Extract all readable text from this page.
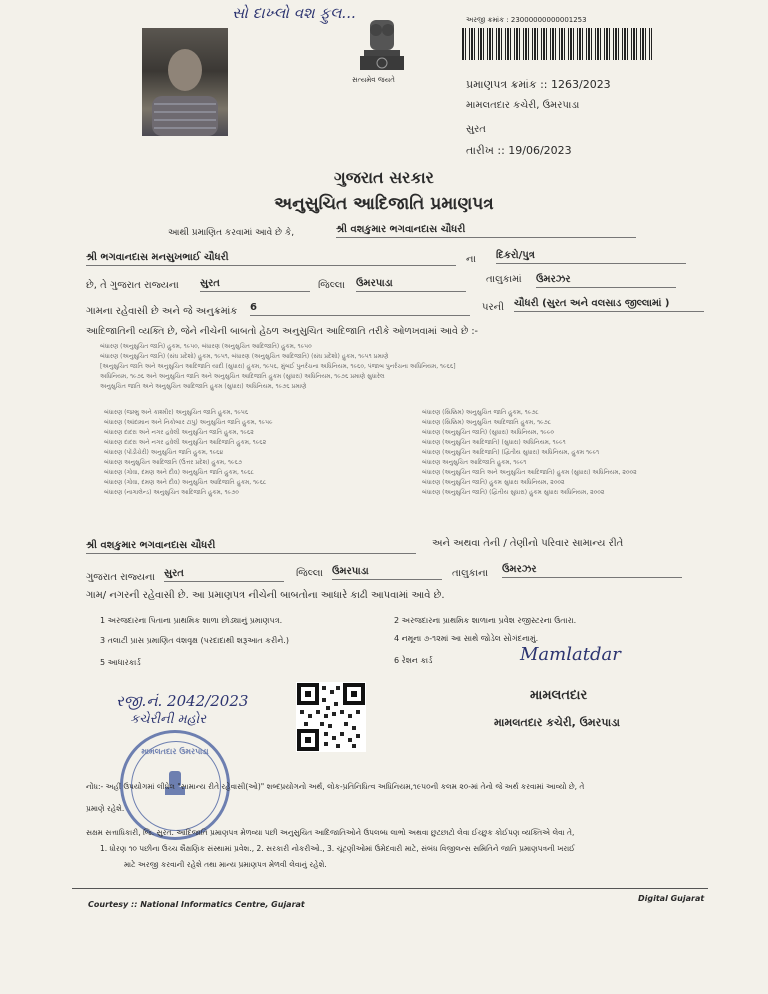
સો દાખ્લો વશ ફુલ...
સત્યમેવ જયતે
અરજી ક્રમાંક : 23000000000001253
પ્રમાણપત્ર ક્રમાંક :: 1263/2023
મામલતદાર કચેરી, ઉમરપાડા
સુરત
તારીખ :: 19/06/2023
ગુજરાત સરકાર
અનુસુચિત આદિજાતિ પ્રમાણપત્ર
આથી પ્રમાણિત કરવામાં આવે છે કે,	શ્રી વશકુમાર ભગવાનદાસ ચૌધરી
શ્રી ભગવાનદાસ મનસુખભાઈ ચૌધરી	ના દિકરો/પુત્ર
છે, તે ગુજરાત રાજ્યના સુરત	જિલ્લા ઉમરપાડા	તાલુકામાં ઉમરઝર
ગામના રહેવાસી છે અને જે અનુક્રમાંક 6	પરની ચૌધરી (સુરત અને વલસાડ જીલ્લામાં )
આદિજાતિની વ્યક્તિ છે, જેને નીચેની બાબતો હેઠળ અનુસુચિત આદિજાતિ તરીકે ઓળખવામાં આવે છે :-
બંધારણ (અનુસુચિત જાતિ) હુકમ, ૧૯૫૦, બંધારણ (અનુસુચિત આદિજાતિ) હુકમ, ૧૯૫૦
બંધારણ (અનુસુચિત જાતિ) (સંઘ પ્રદેશો) હુકમ, ૧૯૫૧, બંધારણ (અનુસુચિત આદિજાતિ) (સંઘ પ્રદેશો) હુકમ, ૧૯૫૧ પ્રમાણે
[અનુસુચિત જાતિ અને અનુસુચિત આદિજાતિ યાદી (સુધારા) હુકમ, ૧૯૫૬, મુંબઈ પુનર્રચના અધિનિયમ, ૧૯૬૦, પંજાબ પુનર્રચના અધિનિયમ, ૧૯૬૬]
અધિનિયમ, ૧૯૭૬ અને અનુસુચિત જાતિ અને અનુસુચિત આદિજાતિ હુકમ (સુધારા) અધિનિયમ, ૧૯૭૬ પ્રમાણે સુધારેલ
અનુસુચિત જાતિ અને અનુસુચિત આદિજાતિ હુકમ (સુધારા) અધિનિયમ, ૧૯૭૬ પ્રમાણે
બંધારણ (જમ્મુ અને કાશ્મીર) અનુસુચિત જાતિ હુકમ, ૧૯૫૬
બંધારણ (આંદામાન અને નિકોબાર ટાપુ) અનુસુચિત જાતિ હુકમ, ૧૯૫૯
બંધારણ દાદરા અને નગર હવેલી અનુસુચિત જાતિ હુકમ, ૧૯૬૨
બંધારણ દાદરા અને નગર હવેલી અનુસુચિત આદિજાતિ હુકમ, ૧૯૬૨
બંધારણ (પોંડીચેરી) અનુસુચિત જાતિ હુકમ, ૧૯૬૪
બંધારણ અનુસુચિત આદિજાતિ (ઉત્તર પ્રદેશ) હુકમ, ૧૯૬૭
બંધારણ (ગોવા, દમણ અને દીવ) અનુસુચિત જાતિ હુકમ, ૧૯૬૮
બંધારણ (ગોવા, દમણ અને દીવ) અનુસુચિત આદિજાતિ હુકમ, ૧૯૬૮
બંધારણ (નાગાલેન્ડ) અનુસુચિત આદિજાતિ હુકમ, ૧૯૭૦
બંધારણ (સિક્કિમ) અનુસુચિત જાતિ હુકમ, ૧૯૭૮
બંધારણ (સિક્કિમ) અનુસુચિત આદિજાતિ હુકમ, ૧૯૭૮
બંધારણ (અનુસુચિત જાતિ) (સુધારા) અધિનિયમ, ૧૯૯૦
બંધારણ (અનુસુચિત આદિજાતિ) (સુધારા) અધિનિયમ, ૧૯૯૧
બંધારણ (અનુસુચિત આદિજાતિ) (દ્વિતીય સુધારા) અધિનિયમ, હુકમ ૧૯૯૧
બંધારણ અનુસુચિત આદિજાતિ હુકમ, ૧૯૯૧
બંધારણ (અનુસુચિત જાતિ અને અનુસુચિત આદિજાતિ) હુકમ (સુધારા) અધિનિયમ, ૨૦૦૨
બંધારણ (અનુસુચિત જાતિ) હુકમ સુધારા અધિનિયમ, ૨૦૦૨
બંધારણ (અનુસુચિત જાતિ) (દ્વિતીય સુધારા) હુકમ સુધારા અધિનિયમ, ૨૦૦૨
શ્રી વશકુમાર ભગવાનદાસ ચૌધરી	અને અથવા તેની / તેણીનો પરિવાર સામાન્ય રીતે
ગુજરાત રાજ્યના સુરત	જિલ્લા ઉમરપાડા	તાલુકાના ઉમરઝર
ગામ/ નગરની રહેવાસી છે. આ પ્રમાણપત્ર નીચેની બાબતોના આધારે કાઢી આપવામાં આવે છે.
1 અરજદારના પિતાના પ્રાથમિક શાળા છોડ્યાનું પ્રમાણપત્ર.	2 અરજદારના પ્રાથમિક શાળાના પ્રવેશ રજીસ્ટરના ઉતારા.
3 તલાટી પ્રાસ પ્રમાણિત વંશવૃક્ષ (પરદાદાથી શરૂઆત કરીને.)	4 નમૂના ૭-૧૨માં આ સાથે જોડેલ સોગંદનામું.
5 આધારકાર્ડ	6 રેશન કાર્ડ
રજી.નં. 2042/2023
કચેરીની મહોર
Mamlatdar
મામલતદાર
મામલતદાર કચેરી, ઉમરપાડા
મામલતદાર ઉમરપાડા
નોંધ:- અહીં ઉપયોગમાં લીધેલ "સામાન્ય રીતે રહેવાસી(ઓ)" શબ્દપ્રયોગનો અર્થ, લોક-પ્રતિનિધિત્વ અધિનિયમ,૧૯૫૦ની કલમ ૨૦-માં તેનો જે અર્થ કરવામાં આવ્યો છે, તે
પ્રમાણે રહેશે.
સક્ષમ સત્તાધિકારી, જિ. સુરત. આદિજાતિ પ્રમાણપત્ર મેળવ્યા પછી અનુસુચિત આદિજાતિઓને ઉપલબ્ધ લાભો અથવા છુટછાટો લેવા ઈચ્છુક કોઈપણ વ્યક્તિએ લેવા તે,
1. ધોરણ ૧૦ પછીના ઉચ્ચ શૈક્ષણિક સંસ્થામાં પ્રવેશ., 2. સરકારી નોકરીઓ., 3. ચૂંટણીઓમાં ઉમેદવારી માટે, સંબંધ વિજીલન્સ સમિતિને જાતિ પ્રમાણપત્રની ખરાઈ
માટે અરજી કરવાની રહેશે તથા માન્ય પ્રમાણપત્ર મેળવી લેવાનું રહેશે.
Courtesy :: National Informatics Centre, Gujarat
Digital Gujarat
